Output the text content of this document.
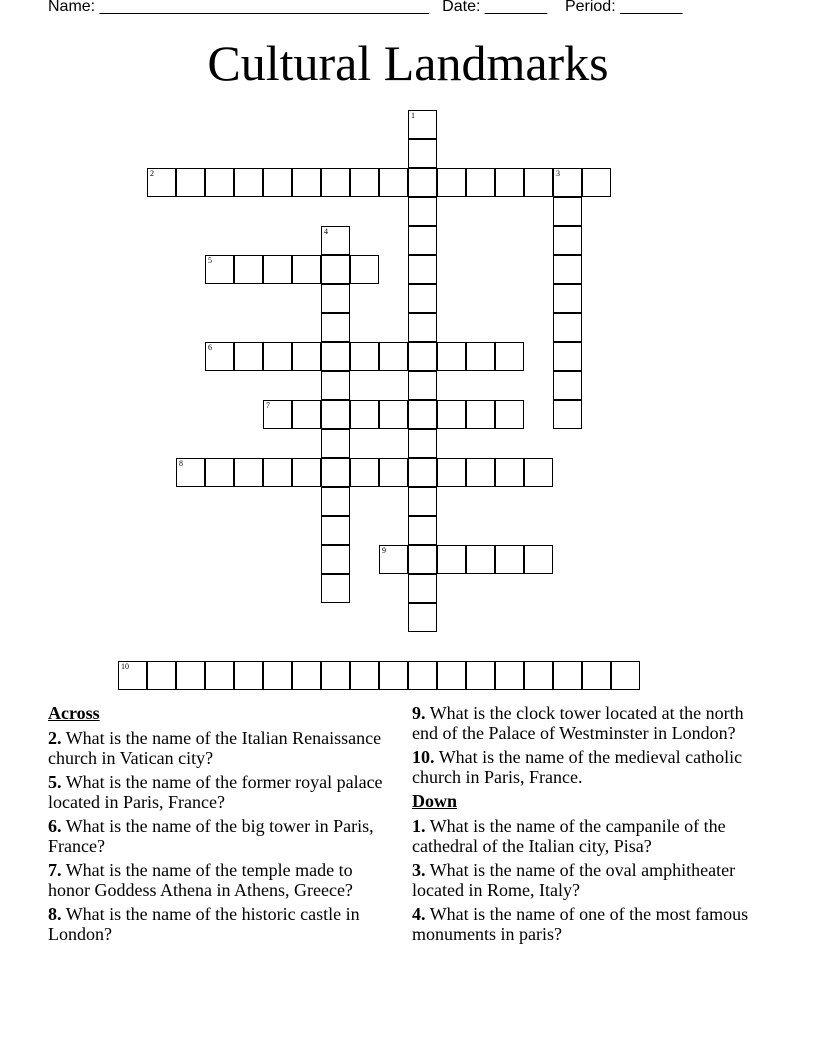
Name: _____________________________________ Date: _______ Period: _______
Cultural Landmarks
1
2	3
4
5
6
7
8
9
10
Across
2. What is the name of the Italian Renaissance church in Vatican city?
5. What is the name of the former royal palace located in Paris, France?
6. What is the name of the big tower in Paris, France?
7. What is the name of the temple made to honor Goddess Athena in Athens, Greece?
8. What is the name of the historic castle in London?
9. What is the clock tower located at the north end of the Palace of Westminster in London?
10. What is the name of the medieval catholic church in Paris, France.
Down
1. What is the name of the campanile of the cathedral of the Italian city, Pisa?
3. What is the name of the oval amphitheater located in Rome, Italy?
4. What is the name of one of the most famous monuments in paris?
